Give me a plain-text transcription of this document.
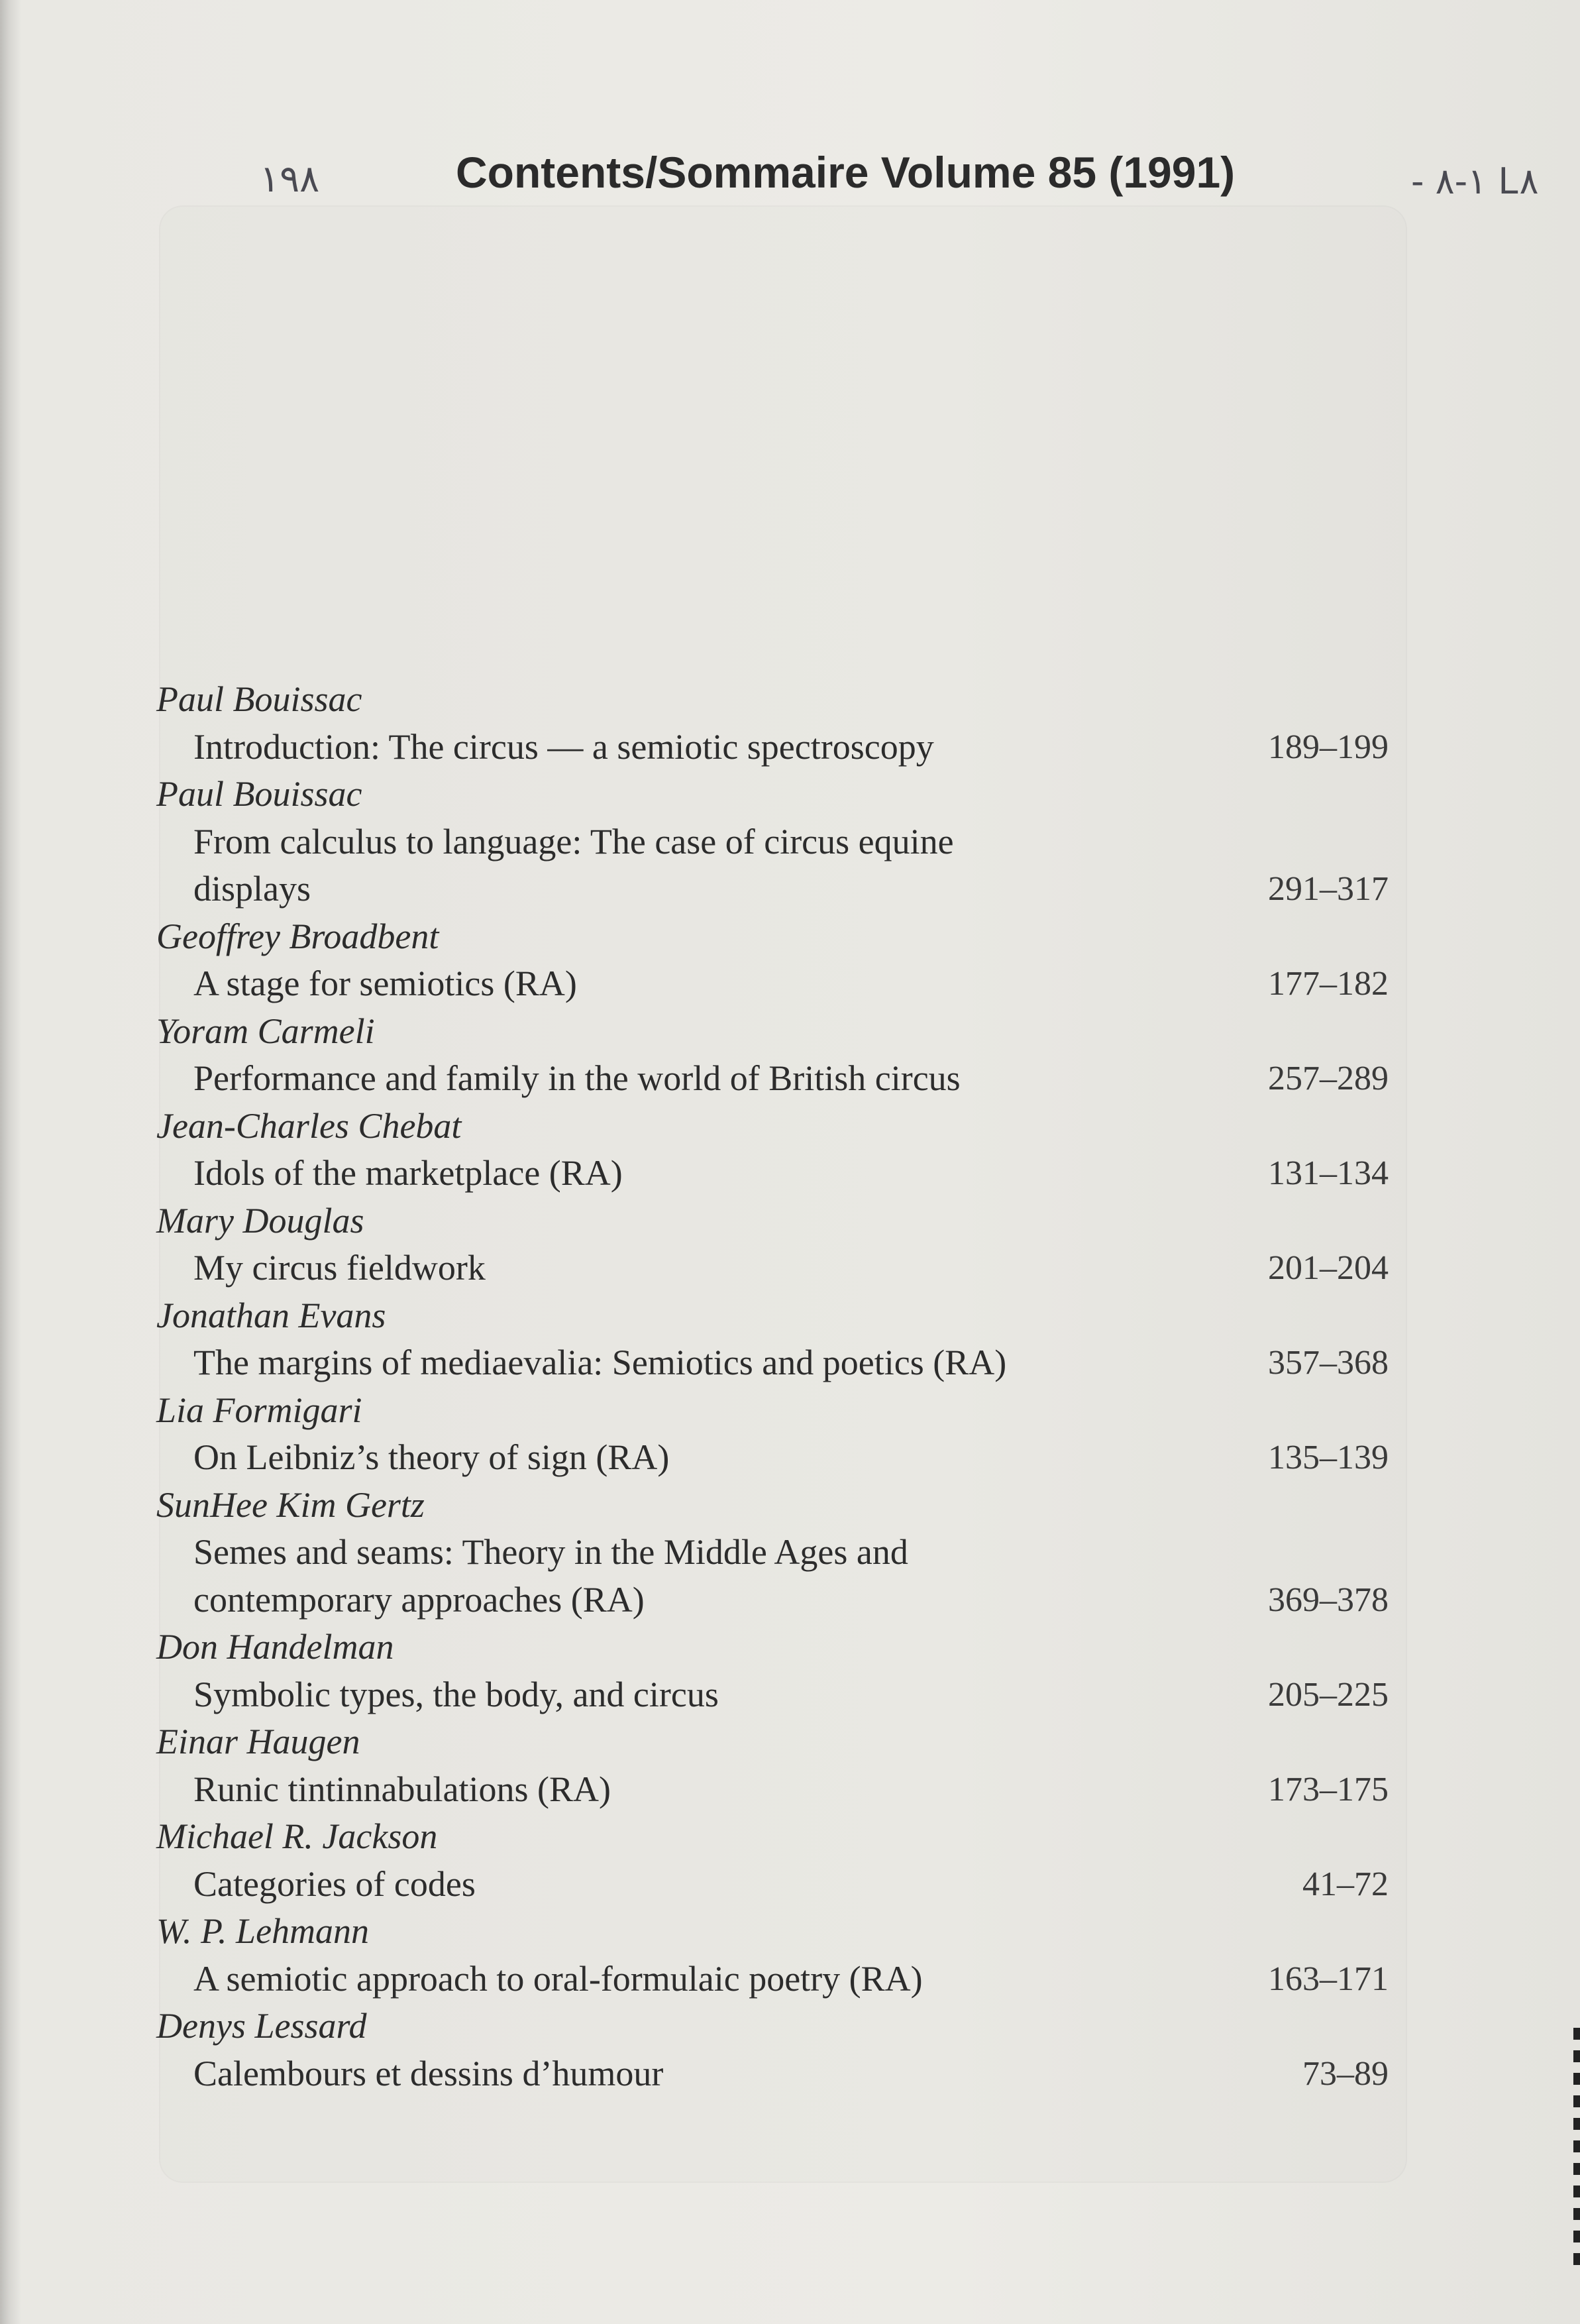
١٩٨	Contents/Sommaire Volume 85 (1991)	- ١-٨ L٨
Paul Bouissac
Introduction: The circus — a semiotic spectroscopy	189–199
Paul Bouissac
From calculus to language: The case of circus equine
displays	291–317
Geoffrey Broadbent
A stage for semiotics (RA)	177–182
Yoram Carmeli
Performance and family in the world of British circus	257–289
Jean-Charles Chebat
Idols of the marketplace (RA)	131–134
Mary Douglas
My circus fieldwork	201–204
Jonathan Evans
The margins of mediaevalia: Semiotics and poetics (RA)	357–368
Lia Formigari
On Leibniz’s theory of sign (RA)	135–139
SunHee Kim Gertz
Semes and seams: Theory in the Middle Ages and
contemporary approaches (RA)	369–378
Don Handelman
Symbolic types, the body, and circus	205–225
Einar Haugen
Runic tintinnabulations (RA)	173–175
Michael R. Jackson
Categories of codes	41–72
W. P. Lehmann
A semiotic approach to oral-formulaic poetry (RA)	163–171
Denys Lessard
Calembours et dessins d’humour	73–89
